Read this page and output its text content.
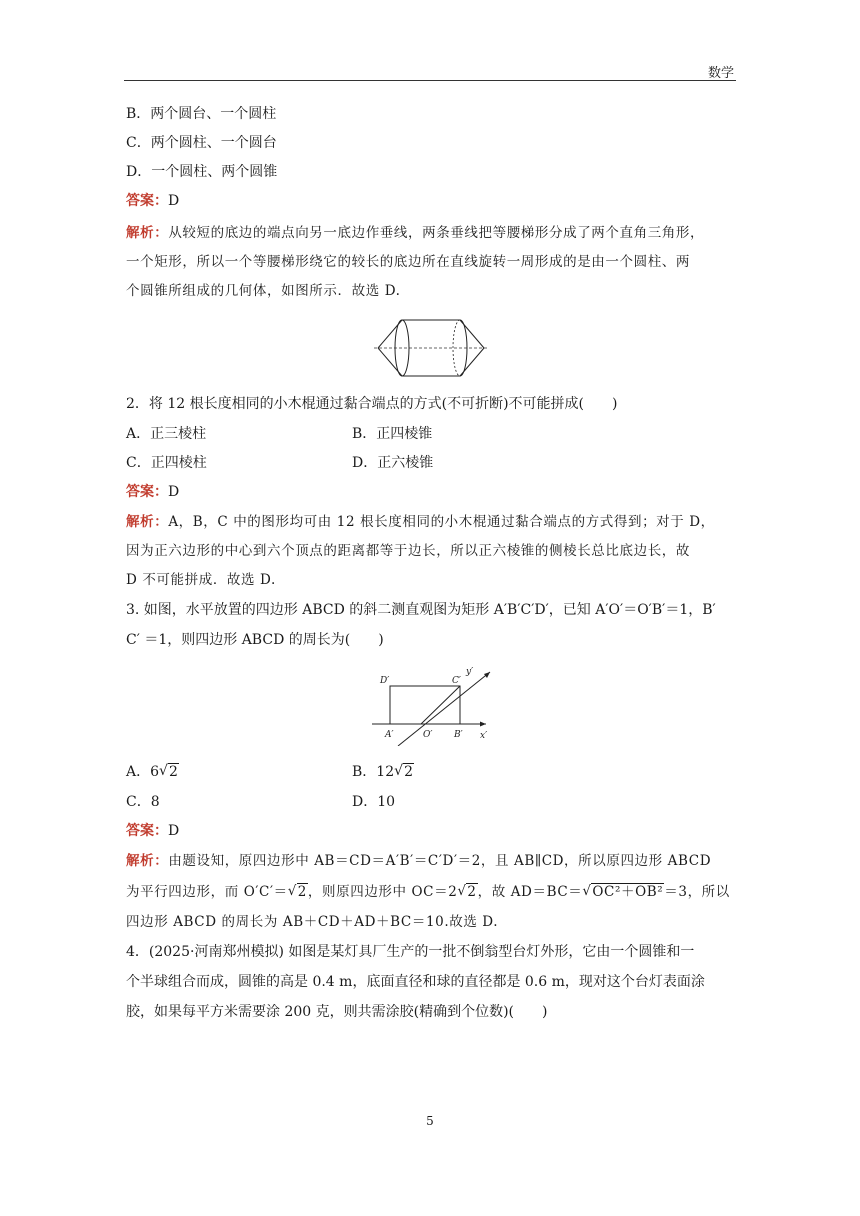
数学
B．两个圆台、一个圆柱
C．两个圆柱、一个圆台
D．一个圆柱、两个圆锥
答案：D
解析：从较短的底边的端点向另一底边作垂线，两条垂线把等腰梯形分成了两个直角三角形，
一个矩形，所以一个等腰梯形绕它的较长的底边所在直线旋转一周形成的是由一个圆柱、两
个圆锥所组成的几何体，如图所示．故选 D.
2．将 12 根长度相同的小木棍通过黏合端点的方式(不可折断)不可能拼成(　　)
A．正三棱柱	B．正四棱锥
C．正四棱柱	D．正六棱锥
答案：D
解析：A，B，C 中的图形均可由 12 根长度相同的小木棍通过黏合端点的方式得到；对于 D，
因为正六边形的中心到六个顶点的距离都等于边长，所以正六棱锥的侧棱长总比底边长，故
D 不可能拼成．故选 D.
3. 如图，水平放置的四边形 ABCD 的斜二测直观图为矩形 A′B′C′D′，已知 A′O′＝O′B′＝1，B′
C′ ＝1，则四边形 ABCD 的周长为(　　)
D′	C′
A′	O′ B′ x′
y′
A．6 √ 2	B．12 √ 2
C．8	D．10
答案：D
解析：由题设知，原四边形中 AB＝CD＝A′B′＝C′D′＝2，且 AB∥CD，所以原四边形 ABCD
为平行四边形，而 O′C′＝ √ 2，则原四边形中 OC＝2 √ 2，故 AD＝BC＝ √ OC²＋OB²＝3，所以
四边形 ABCD 的周长为 AB＋CD＋AD＋BC＝10.故选 D.
4．(2025·河南郑州模拟) 如图是某灯具厂生产的一批不倒翁型台灯外形，它由一个圆锥和一
个半球组合而成，圆锥的高是 0.4 m，底面直径和球的直径都是 0.6 m，现对这个台灯表面涂
胶，如果每平方米需要涂 200 克，则共需涂胶(精确到个位数)(　　)
5
